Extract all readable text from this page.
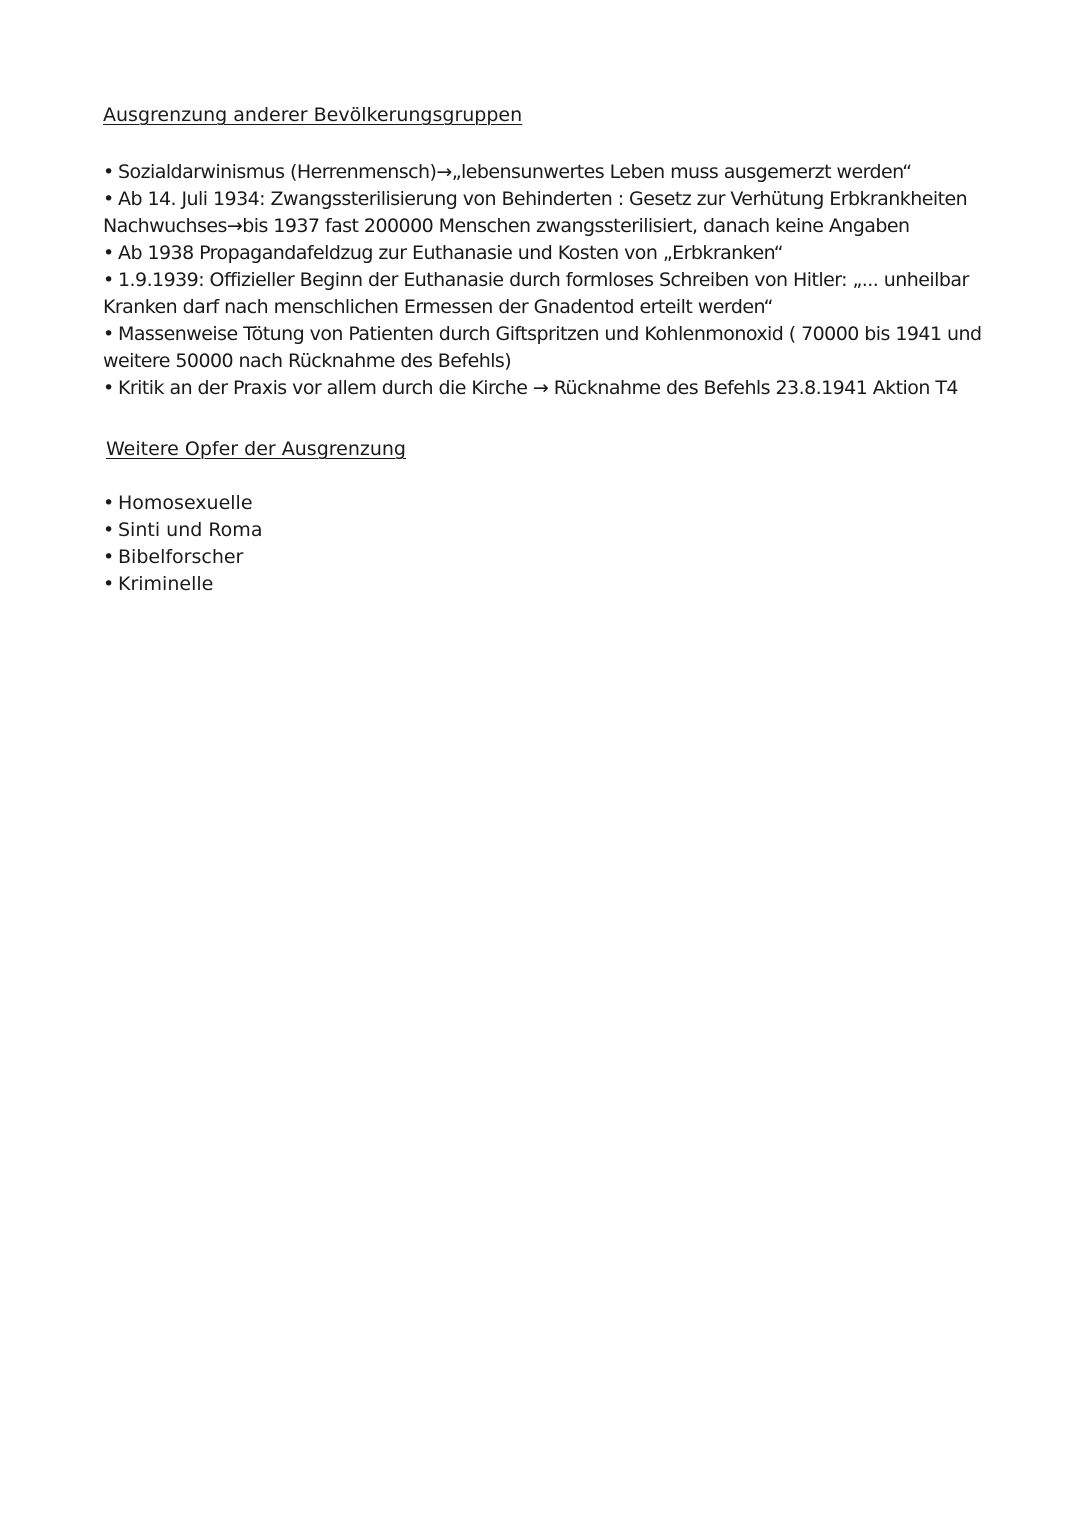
Ausgrenzung anderer Bevölkerungsgruppen
• Sozialdarwinismus (Herrenmensch)→„lebensunwertes Leben muss ausgemerzt werden“
• Ab 14. Juli 1934: Zwangssterilisierung von Behinderten : Gesetz zur Verhütung Erbkrankheiten Nachwuchses→bis 1937 fast 200000 Menschen zwangssterilisiert, danach keine Angaben
• Ab 1938 Propagandafeldzug zur Euthanasie und Kosten von „Erbkranken“
• 1.9.1939: Offizieller Beginn der Euthanasie durch formloses Schreiben von Hitler: „... unheilbar Kranken darf nach menschlichen Ermessen der Gnadentod erteilt werden“
• Massenweise Tötung von Patienten durch Giftspritzen und Kohlenmonoxid ( 70000 bis 1941 und weitere 50000 nach Rücknahme des Befehls)
• Kritik an der Praxis vor allem durch die Kirche → Rücknahme des Befehls 23.8.1941 Aktion T4
Weitere Opfer der Ausgrenzung
• Homosexuelle
• Sinti und Roma
• Bibelforscher
• Kriminelle
